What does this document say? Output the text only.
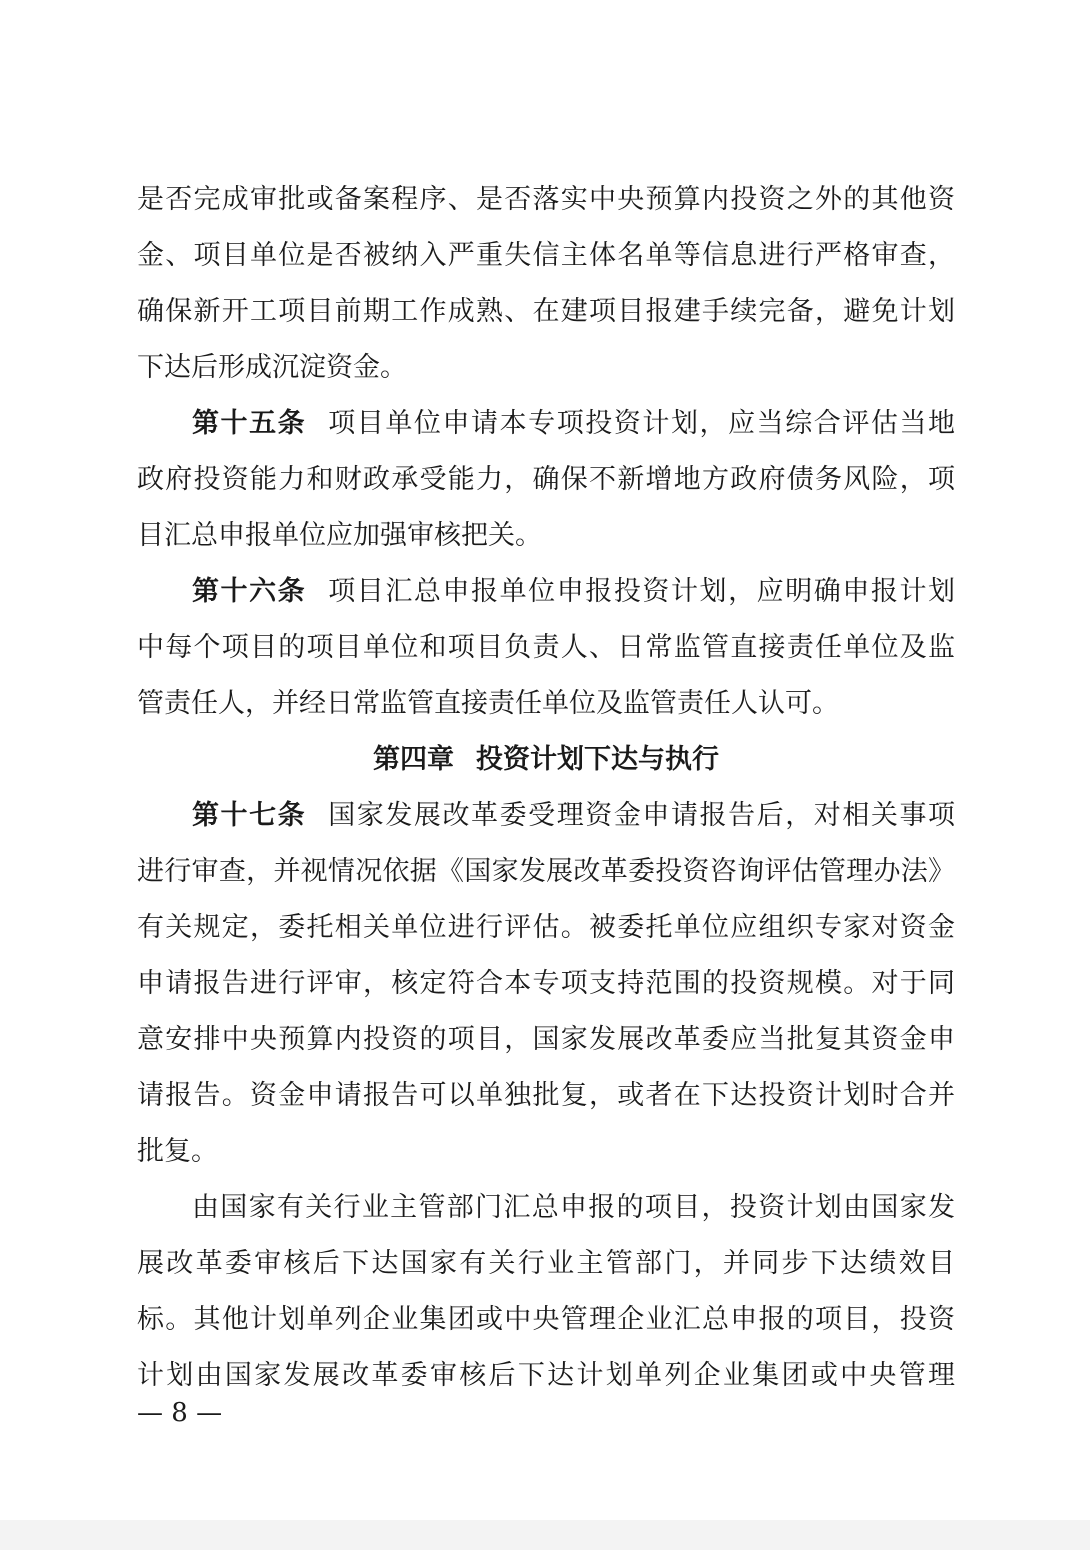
是否完成审批或备案程序、是否落实中央预算内投资之外的其他资
金、项目单位是否被纳入严重失信主体名单等信息进行严格审查，
确保新开工项目前期工作成熟、在建项目报建手续完备，避免计划
下达后形成沉淀资金。
第十五条 项目单位申请本专项投资计划，应当综合评估当地
政府投资能力和财政承受能力，确保不新增地方政府债务风险，项
目汇总申报单位应加强审核把关。
第十六条 项目汇总申报单位申报投资计划，应明确申报计划
中每个项目的项目单位和项目负责人、日常监管直接责任单位及监
管责任人，并经日常监管直接责任单位及监管责任人认可。
第四章 投资计划下达与执行
第十七条 国家发展改革委受理资金申请报告后，对相关事项
进行审查，并视情况依据《国家发展改革委投资咨询评估管理办法》
有关规定，委托相关单位进行评估。被委托单位应组织专家对资金
申请报告进行评审，核定符合本专项支持范围的投资规模。对于同
意安排中央预算内投资的项目，国家发展改革委应当批复其资金申
请报告。资金申请报告可以单独批复，或者在下达投资计划时合并
批复。
由国家有关行业主管部门汇总申报的项目，投资计划由国家发
展改革委审核后下达国家有关行业主管部门，并同步下达绩效目
标。其他计划单列企业集团或中央管理企业汇总申报的项目，投资
计划由国家发展改革委审核后下达计划单列企业集团或中央管理
— 8 —
